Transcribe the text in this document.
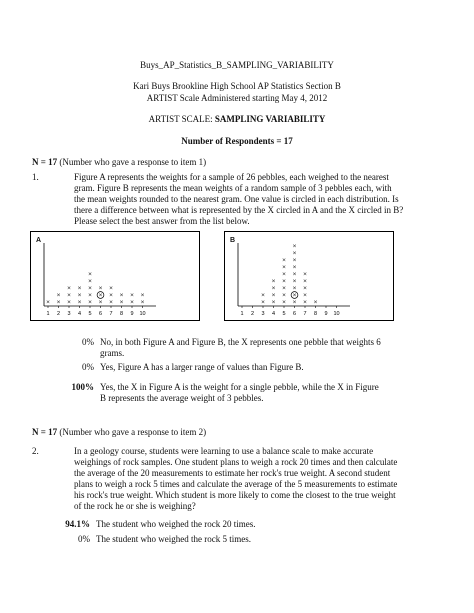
Buys_AP_Statistics_B_SAMPLING_VARIABILITY
Kari Buys Brookline High School AP Statistics Section B
ARTIST Scale Administered starting May 4, 2012
ARTIST SCALE: SAMPLING VARIABILITY
Number of Respondents = 17
N = 17 (Number who gave a response to item 1)
1.	Figure A represents the weights for a sample of 26 pebbles, each weighed to the nearest

gram. Figure B represents the mean weights of a random sample of 3 pebbles each, with

the mean weights rounded to the nearest gram. One value is circled in each distribution. Is

there a difference between what is represented by the X circled in A and the X circled in B?

Please select the best answer from the list below.

1
×
2
×
×
3
×
×
×
4
×
×
×
5
×
×
×
×
×
6
×
×
×
7
×
×
×
8
×
×
9
×
×
10
×
×
A
1 2 3
×
×
4
×
×
×
×
5
×
×
×
×
×
×
×
6
×
×
×
×
×
×
×
×
×
7
×
×
×
×
×
8
×
9 10
B
0% No, in both Figure A and Figure B, the X represents one pebble that weights 6
grams.
0% Yes, Figure A has a larger range of values than Figure B.
100% Yes, the X in Figure A is the weight for a single pebble, while the X in Figure
B represents the average weight of 3 pebbles.
N = 17 (Number who gave a response to item 2)
2.	In a geology course, students were learning to use a balance scale to make accurate

weighings of rock samples. One student plans to weigh a rock 20 times and then calculate

the average of the 20 measurements to estimate her rock's true weight. A second student

plans to weigh a rock 5 times and calculate the average of the 5 measurements to estimate

his rock's true weight. Which student is more likely to come the closest to the true weight

of the rock he or she is weighing?

94.1% The student who weighed the rock 20 times.
0% The student who weighed the rock 5 times.
